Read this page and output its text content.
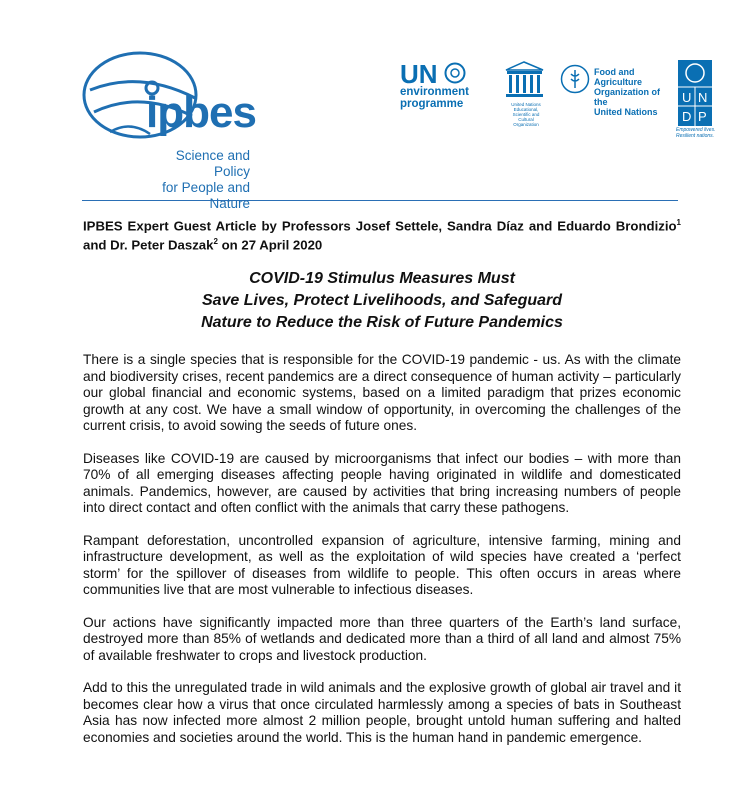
ipbes
Science and Policy
for People and Nature
UN
environment
programme	United Nations Educational, Scientific and Cultural Organization
Food and Agriculture
Organization of the
United Nations
U N
D P
Empowered lives. Resilient nations.
IPBES Expert Guest Article by Professors Josef Settele, Sandra Díaz and Eduardo Brondizio$^1$ and Dr. Peter Daszak$^2$ on 27 April 2020
COVID-19 Stimulus Measures Must
Save Lives, Protect Livelihoods, and Safeguard
Nature to Reduce the Risk of Future Pandemics

There is a single species that is responsible for the COVID-19 pandemic - us. As with the climate and biodiversity crises, recent pandemics are a direct consequence of human activity – particularly our global financial and economic systems, based on a limited paradigm that prizes economic growth at any cost. We have a small window of opportunity, in overcoming the challenges of the current crisis, to avoid sowing the seeds of future ones.

Diseases like COVID-19 are caused by microorganisms that infect our bodies – with more than 70% of all emerging diseases affecting people having originated in wildlife and domesticated animals. Pandemics, however, are caused by activities that bring increasing numbers of people into direct contact and often conflict with the animals that carry these pathogens.

Rampant deforestation, uncontrolled expansion of agriculture, intensive farming, mining and infrastructure development, as well as the exploitation of wild species have created a ‘perfect storm’ for the spillover of diseases from wildlife to people. This often occurs in areas where communities live that are most vulnerable to infectious diseases.

Our actions have significantly impacted more than three quarters of the Earth’s land surface, destroyed more than 85% of wetlands and dedicated more than a third of all land and almost 75% of available freshwater to crops and livestock production.

Add to this the unregulated trade in wild animals and the explosive growth of global air travel and it becomes clear how a virus that once circulated harmlessly among a species of bats in Southeast Asia has now infected more almost 2 million people, brought untold human suffering and halted economies and societies around the world. This is the human hand in pandemic emergence.
